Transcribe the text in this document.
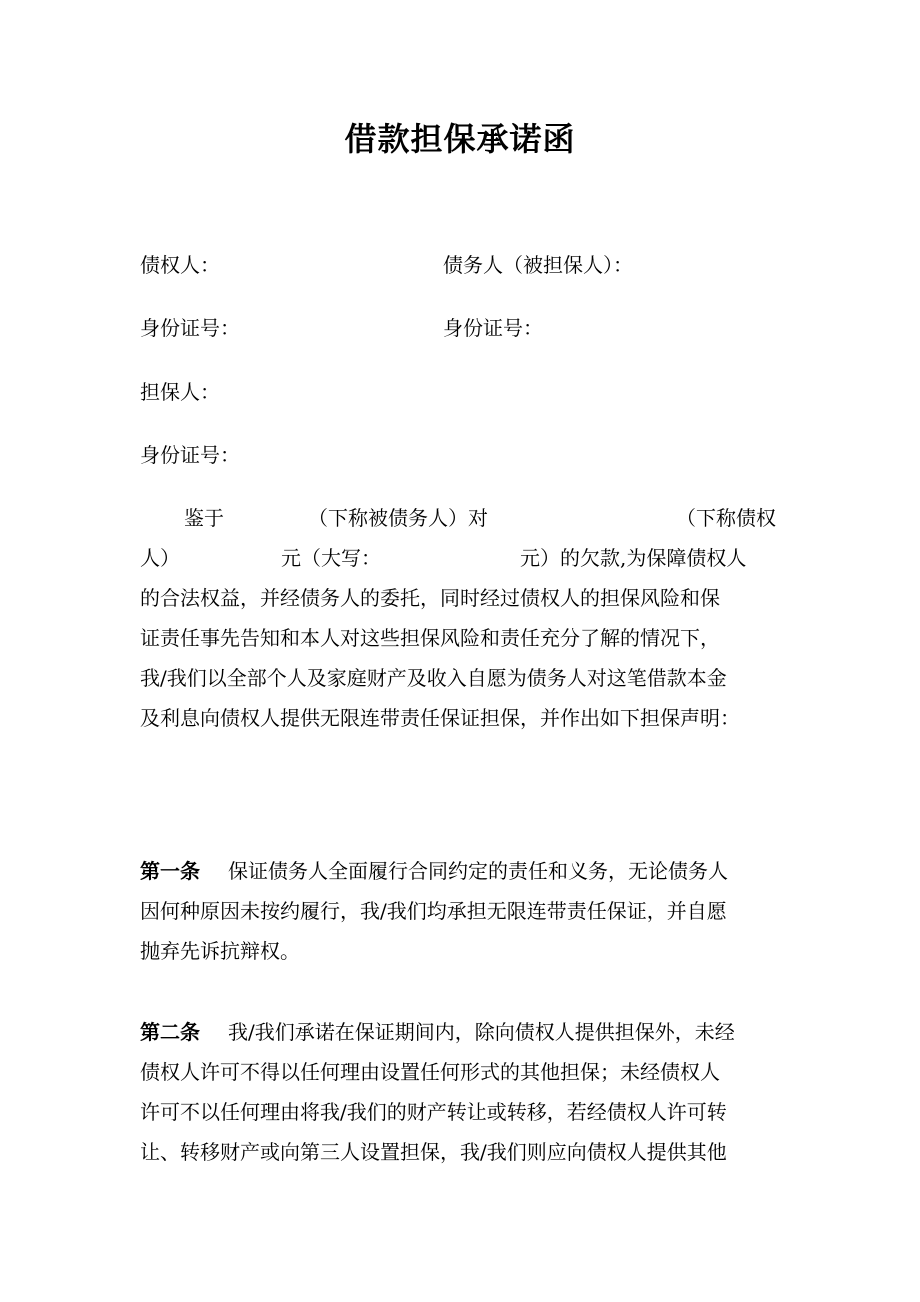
借款担保承诺函
债权人：	债务人（被担保人）：
身份证号：	身份证号：
担保人：
身份证号：
鉴于	（下称被债务人）对	（下称债权
人）	元（大写：	元）的欠款,为保障债权人
的合法权益，并经债务人的委托，同时经过债权人的担保风险和保
证责任事先告知和本人对这些担保风险和责任充分了解的情况下，
我/我们以全部个人及家庭财产及收入自愿为债务人对这笔借款本金
及利息向债权人提供无限连带责任保证担保，并作出如下担保声明：
第一条 保证债务人全面履行合同约定的责任和义务，无论债务人
因何种原因未按约履行，我/我们均承担无限连带责任保证，并自愿
抛弃先诉抗辩权。
第二条 我/我们承诺在保证期间内，除向债权人提供担保外，未经
债权人许可不得以任何理由设置任何形式的其他担保；未经债权人
许可不以任何理由将我/我们的财产转让或转移，若经债权人许可转
让、转移财产或向第三人设置担保，我/我们则应向债权人提供其他
